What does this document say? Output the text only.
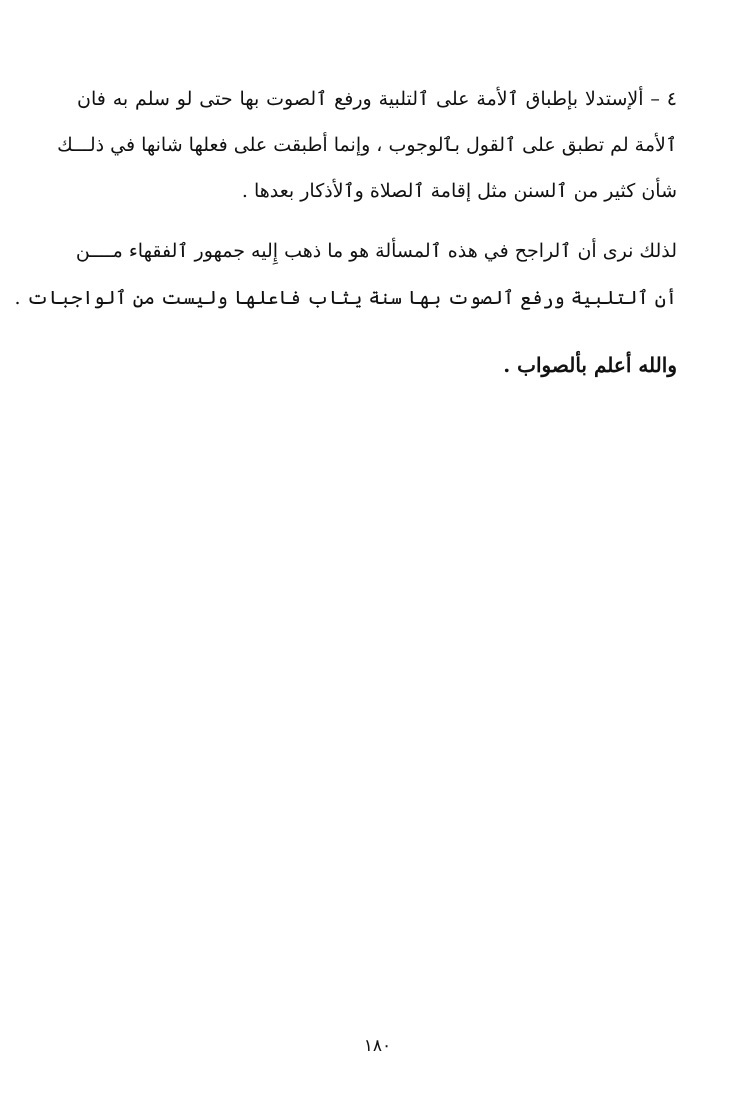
٤ – ألإستدلا بإطباق ٱلأمة على ٱلتلبية ورفع ٱلصوت بها حتى لو سلم به فان
ٱلأمة لم تطبق على ٱلقول بٱلوجوب ، وإنما أطبقت على فعلها شانها في ذلـــك
شأن كثير من ٱلسنن مثل إقامة ٱلصلاة وٱلأذكار بعدها .
لذلك نرى أن ٱلراجح في هذه ٱلمسألة هو ما ذهب إِليه جمهور ٱلفقهاء مــــن
أن ٱلتلبية ورفع ٱلصوت بها سنة يثاب فاعلها وليست من ٱلواجبات .
والله أعلم بألصواب .
١٨٠
